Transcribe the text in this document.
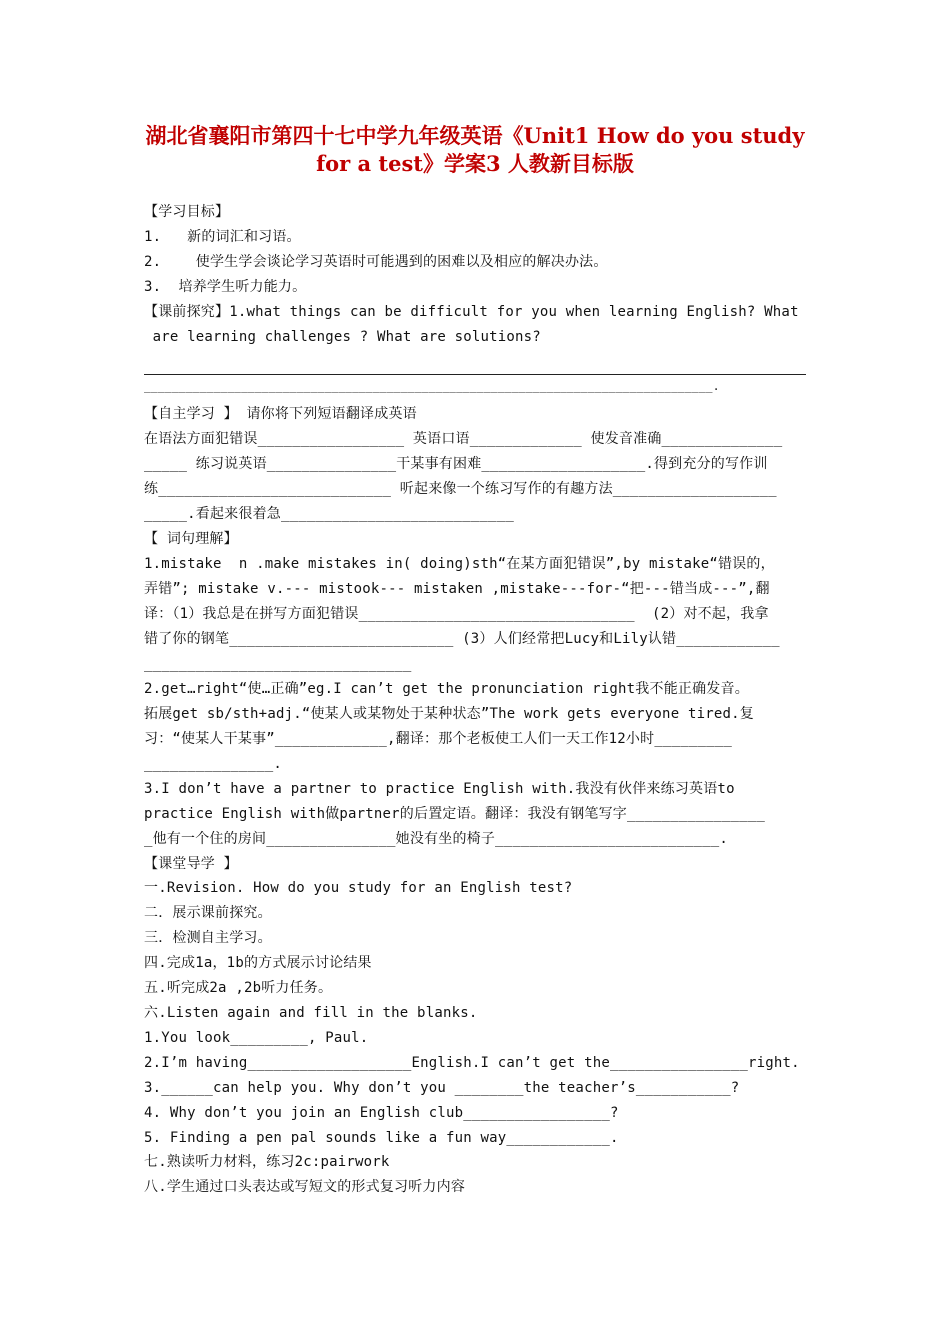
湖北省襄阳市第四十七中学九年级英语《Unit1 How do you study
for a test》学案3 人教新目标版
【学习目标】
1.   新的词汇和习语。
2.    使学生学会谈论学习英语时可能遇到的困难以及相应的解决办法。
3.  培养学生听力能力。
【课前探究】1.what things can be difficult for you when learning English? What
are learning challenges ? What are solutions?
__________________________________________________________________________________.
【自主学习 】 请你将下列短语翻译成英语
在语法方面犯错误_________________ 英语口语_____________ 使发音准确______________
_____ 练习说英语_______________干某事有困难___________________.得到充分的写作训
练___________________________ 听起来像一个练习写作的有趣方法___________________
_____.看起来很着急___________________________
【 词句理解】
1.mistake  n .make mistakes in( doing)sth“在某方面犯错误”,by mistake“错误的，
弄错”; mistake v.--- mistook--- mistaken ,mistake---for-“把---错当成---”,翻
译：（1）我总是在拼写方面犯错误________________________________  (2）对不起，我拿
错了你的钢笔__________________________ (3）人们经常把Lucy和Lily认错____________
_______________________________
2.get…right“使…正确”eg.I can’t get the pronunciation right我不能正确发音。
拓展get sb/sth+adj.“使某人或某物处于某种状态”The work gets everyone tired.复
习：“使某人干某事”_____________,翻译：那个老板使工人们一天工作12小时_________
_______________.
3.I don’t have a partner to practice English with.我没有伙伴来练习英语to
practice English with做partner的后置定语。翻译：我没有钢笔写字________________
_他有一个住的房间_______________她没有坐的椅子__________________________.
【课堂导学 】
一.Revision. How do you study for an English test?
二．展示课前探究。
三．检测自主学习。
四.完成1a，1b的方式展示讨论结果
五.听完成2a ,2b听力任务。
六.Listen again and fill in the blanks.
1.You look_________, Paul.
2.I’m having___________________English.I can’t get the________________right.
3.______can help you. Why don’t you ________the teacher’s___________?
4. Why don’t you join an English club_________________?
5. Finding a pen pal sounds like a fun way____________.
七.熟读听力材料，练习2c:pairwork
八.学生通过口头表达或写短文的形式复习听力内容
